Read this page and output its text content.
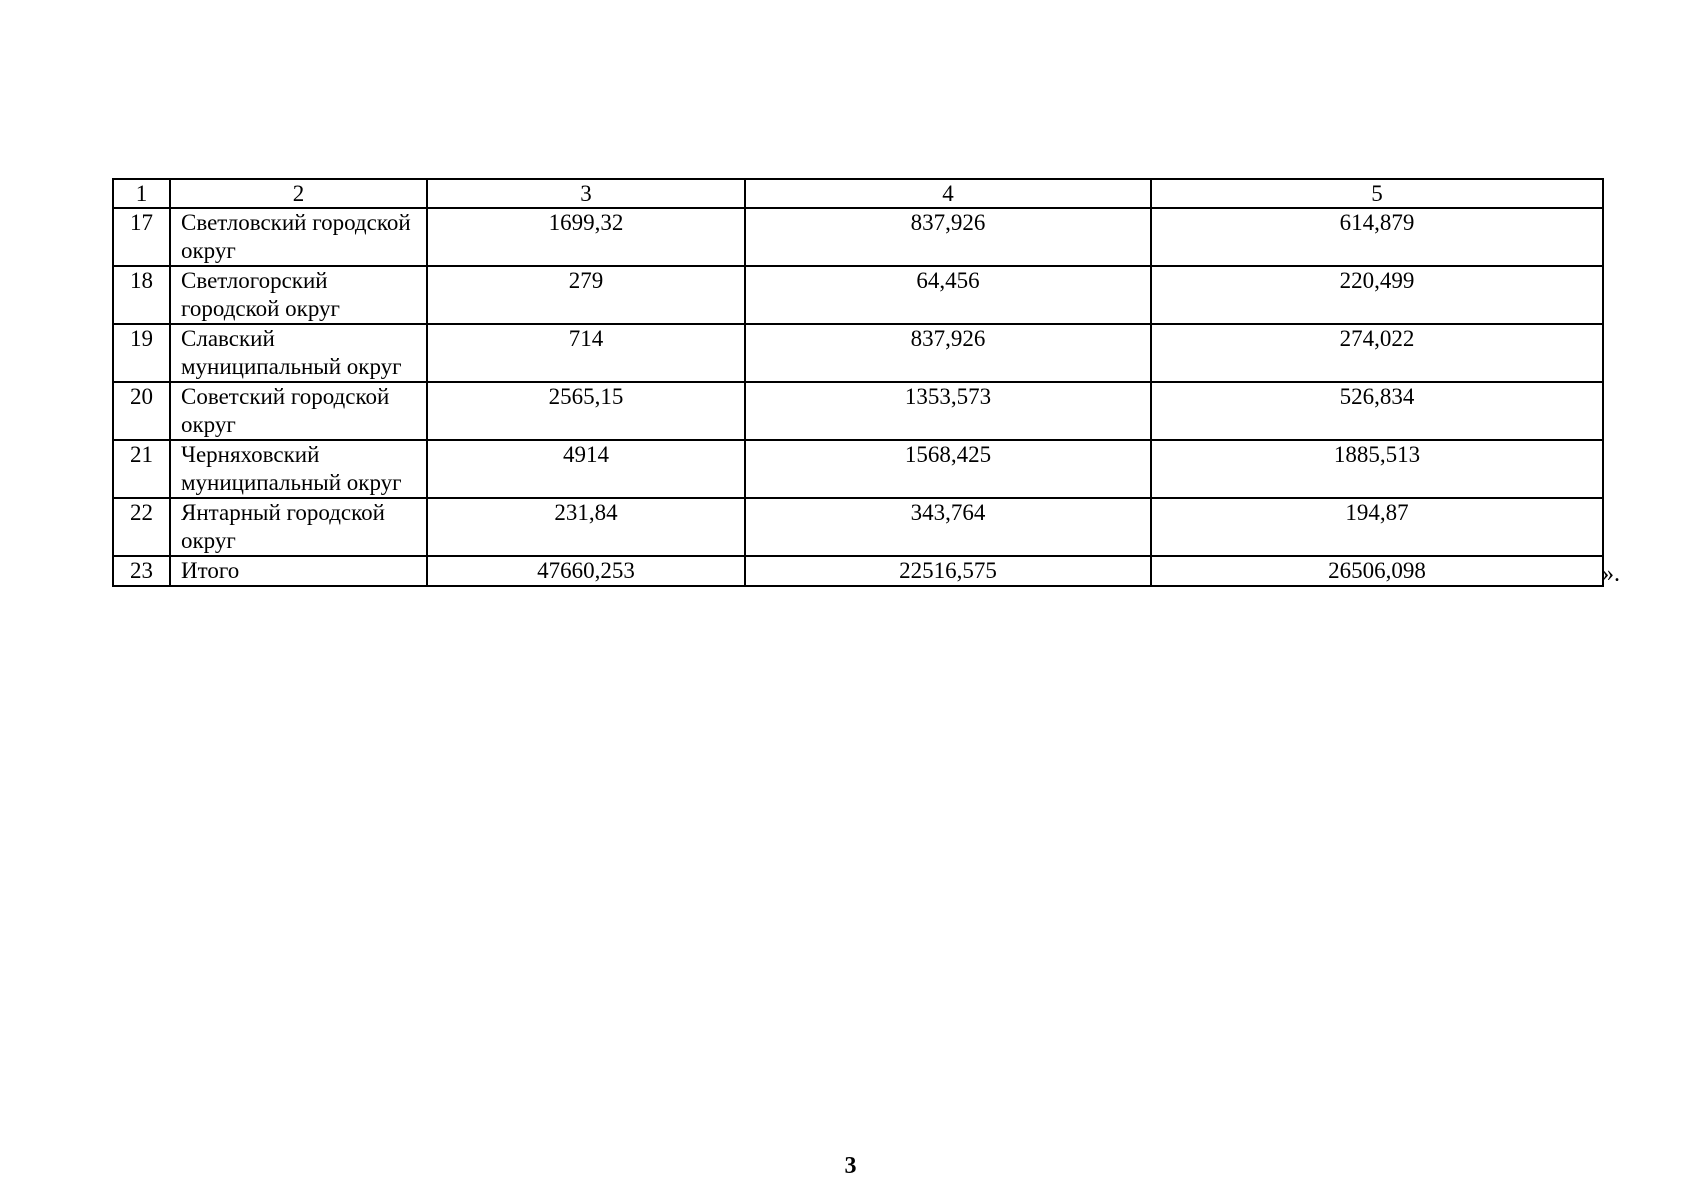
1	2	3	4	5
17	Светловский городской округ	1699,32	837,926	614,879
18	Светлогорский городской округ	279	64,456	220,499
19	Славский муниципальный округ	714	837,926	274,022
20	Советский городской округ	2565,15	1353,573	526,834
21	Черняховский муниципальный округ	4914	1568,425	1885,513
22	Янтарный городской округ	231,84	343,764	194,87
23	Итого	47660,253	22516,575	26506,098	».
3
